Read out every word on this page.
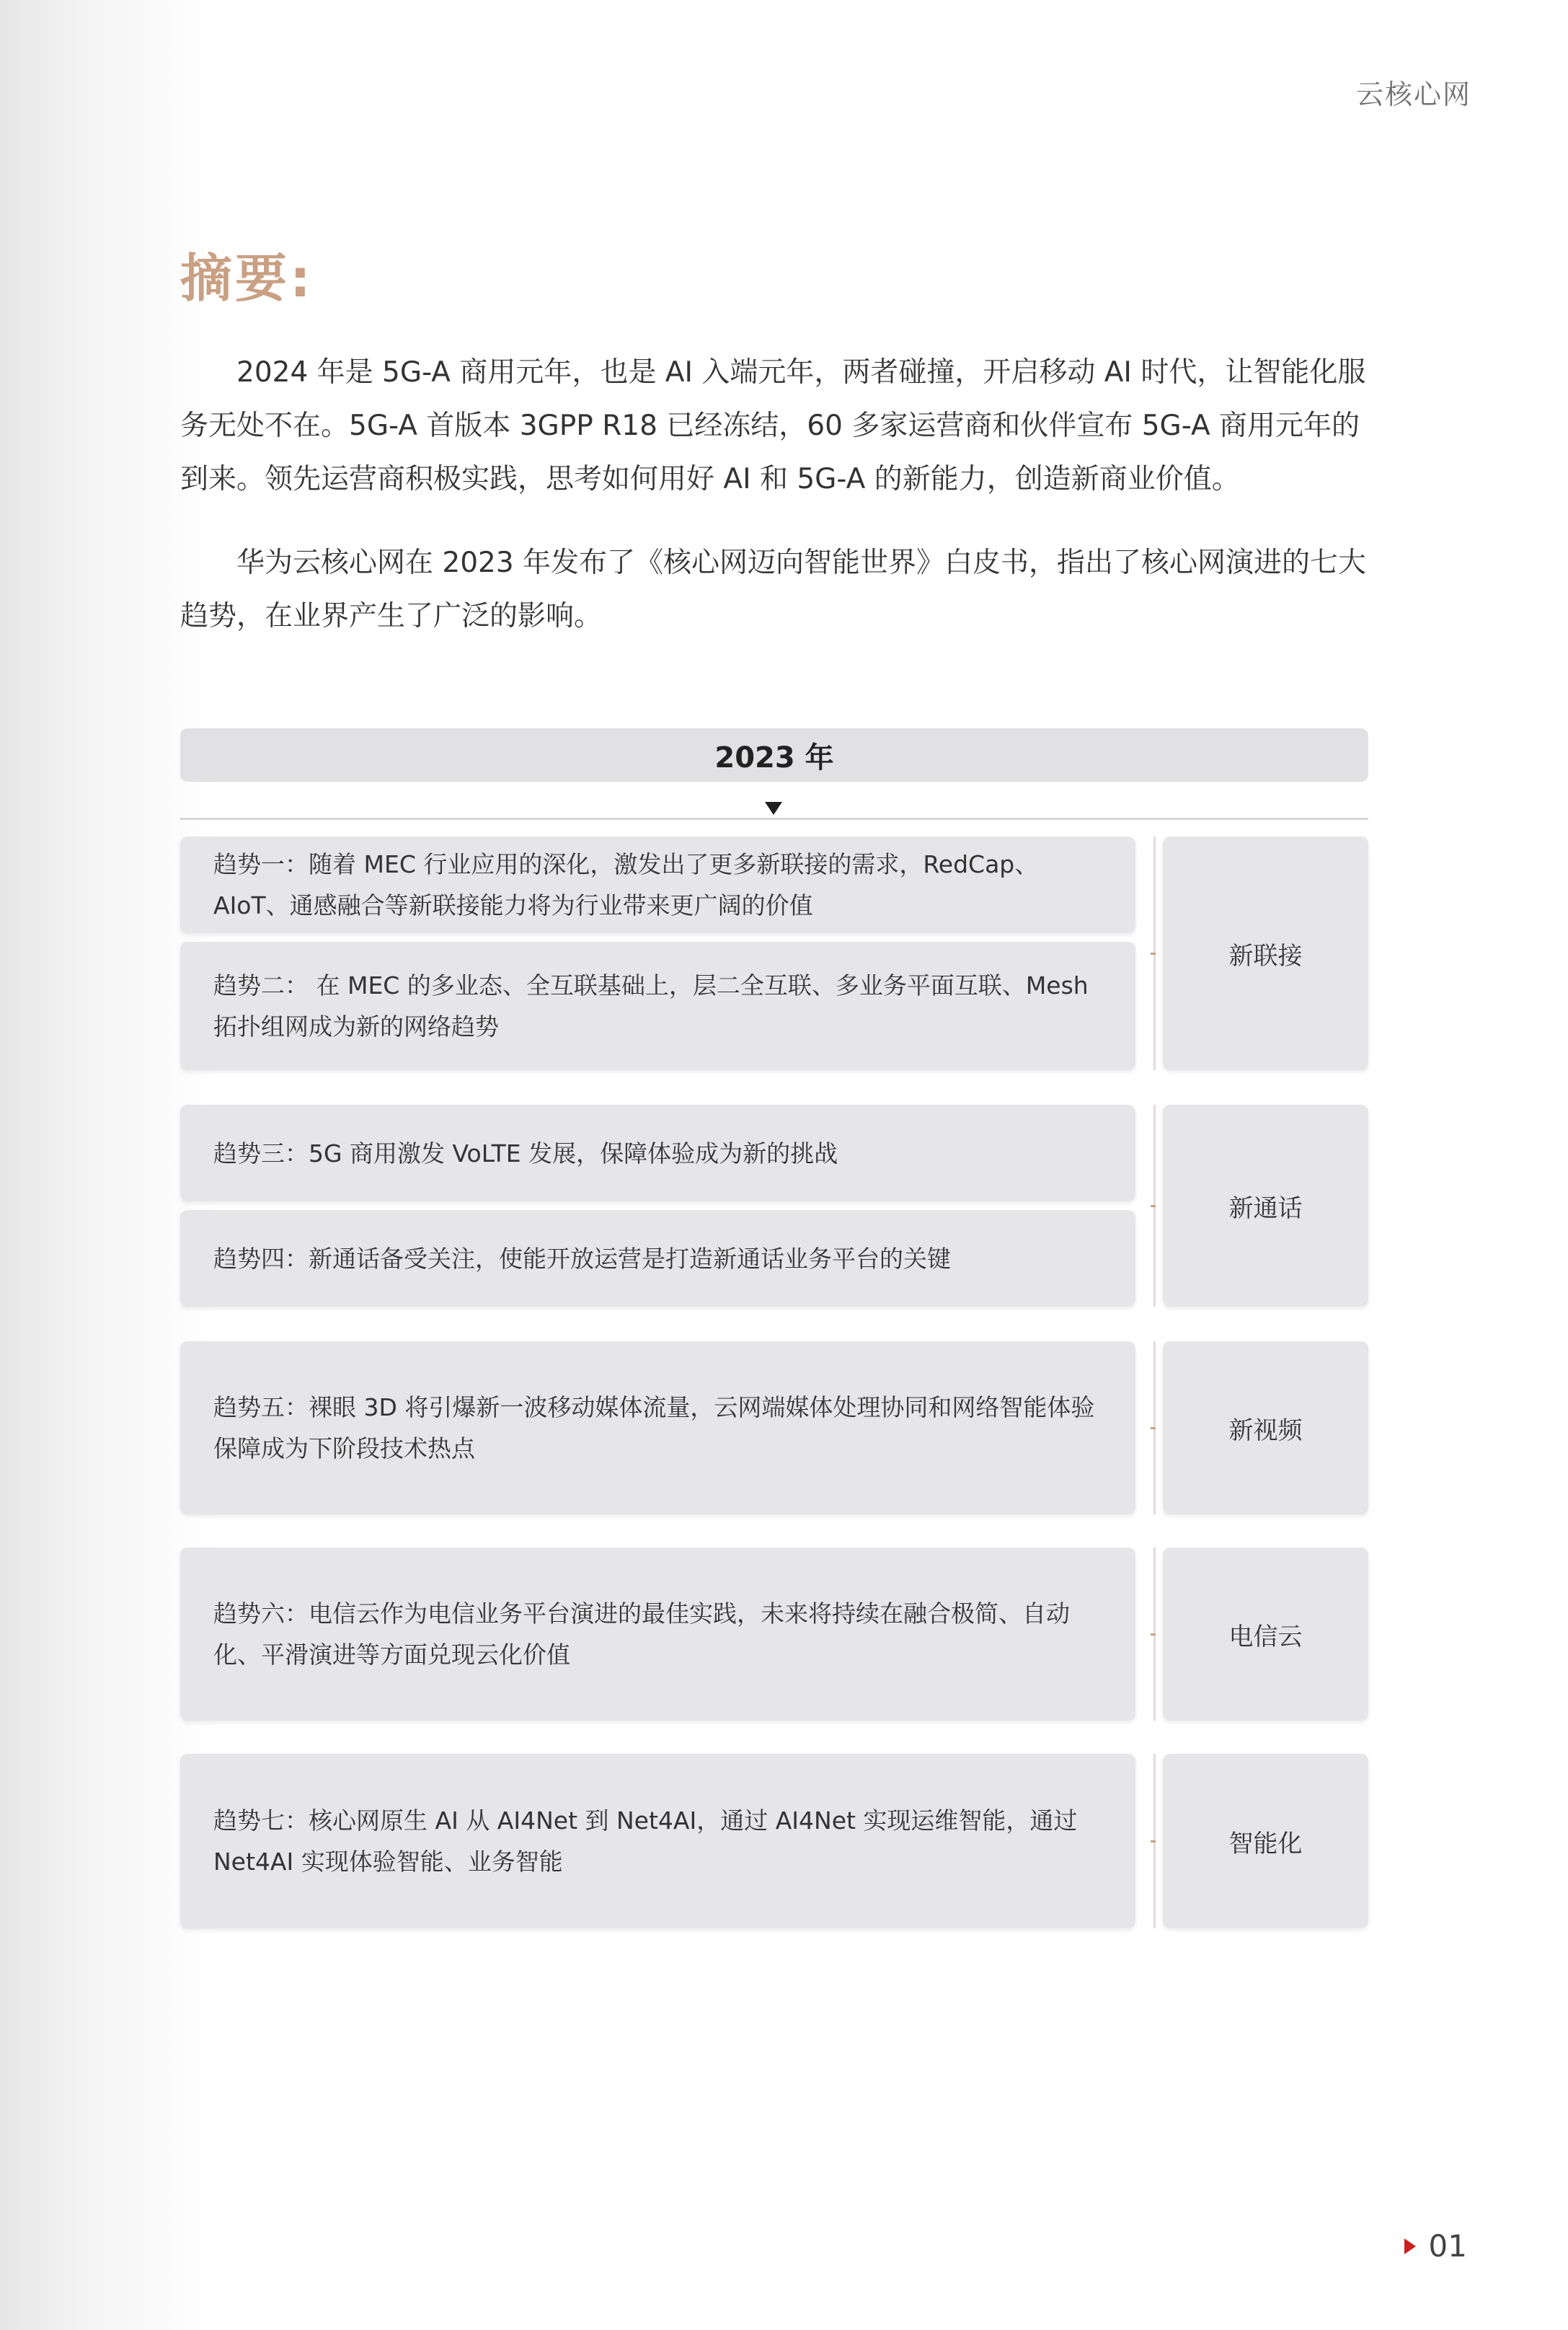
云核心网
摘要:

2024 年是 5G-A 商用元年，也是 AI 入端元年，两者碰撞，开启移动 AI 时代，让智能化服务无处不在。5G-A 首版本 3GPP R18 已经冻结，60 多家运营商和伙伴宣布 5G-A 商用元年的到来。领先运营商积极实践，思考如何用好 AI 和 5G-A 的新能力，创造新商业价值。

华为云核心网在 2023 年发布了《核心网迈向智能世界》白皮书，指出了核心网演进的七大趋势，在业界产生了广泛的影响。

2023 年
趋势一：随着 MEC 行业应用的深化，激发出了更多新联接的需求，RedCap、AIoT、通感融合等新联接能力将为行业带来更广阔的价值
趋势二： 在 MEC 的多业态、全互联基础上，层二全互联、多业务平面互联、Mesh 拓扑组网成为新的网络趋势
新联接
趋势三：5G 商用激发 VoLTE 发展，保障体验成为新的挑战
趋势四：新通话备受关注，使能开放运营是打造新通话业务平台的关键
新通话
趋势五：裸眼 3D 将引爆新一波移动媒体流量，云网端媒体处理协同和网络智能体验保障成为下阶段技术热点
新视频
趋势六：电信云作为电信业务平台演进的最佳实践，未来将持续在融合极简、自动化、平滑演进等方面兑现云化价值
电信云
趋势七：核心网原生 AI 从 AI4Net 到 Net4AI，通过 AI4Net 实现运维智能，通过 Net4AI 实现体验智能、业务智能
智能化
01
